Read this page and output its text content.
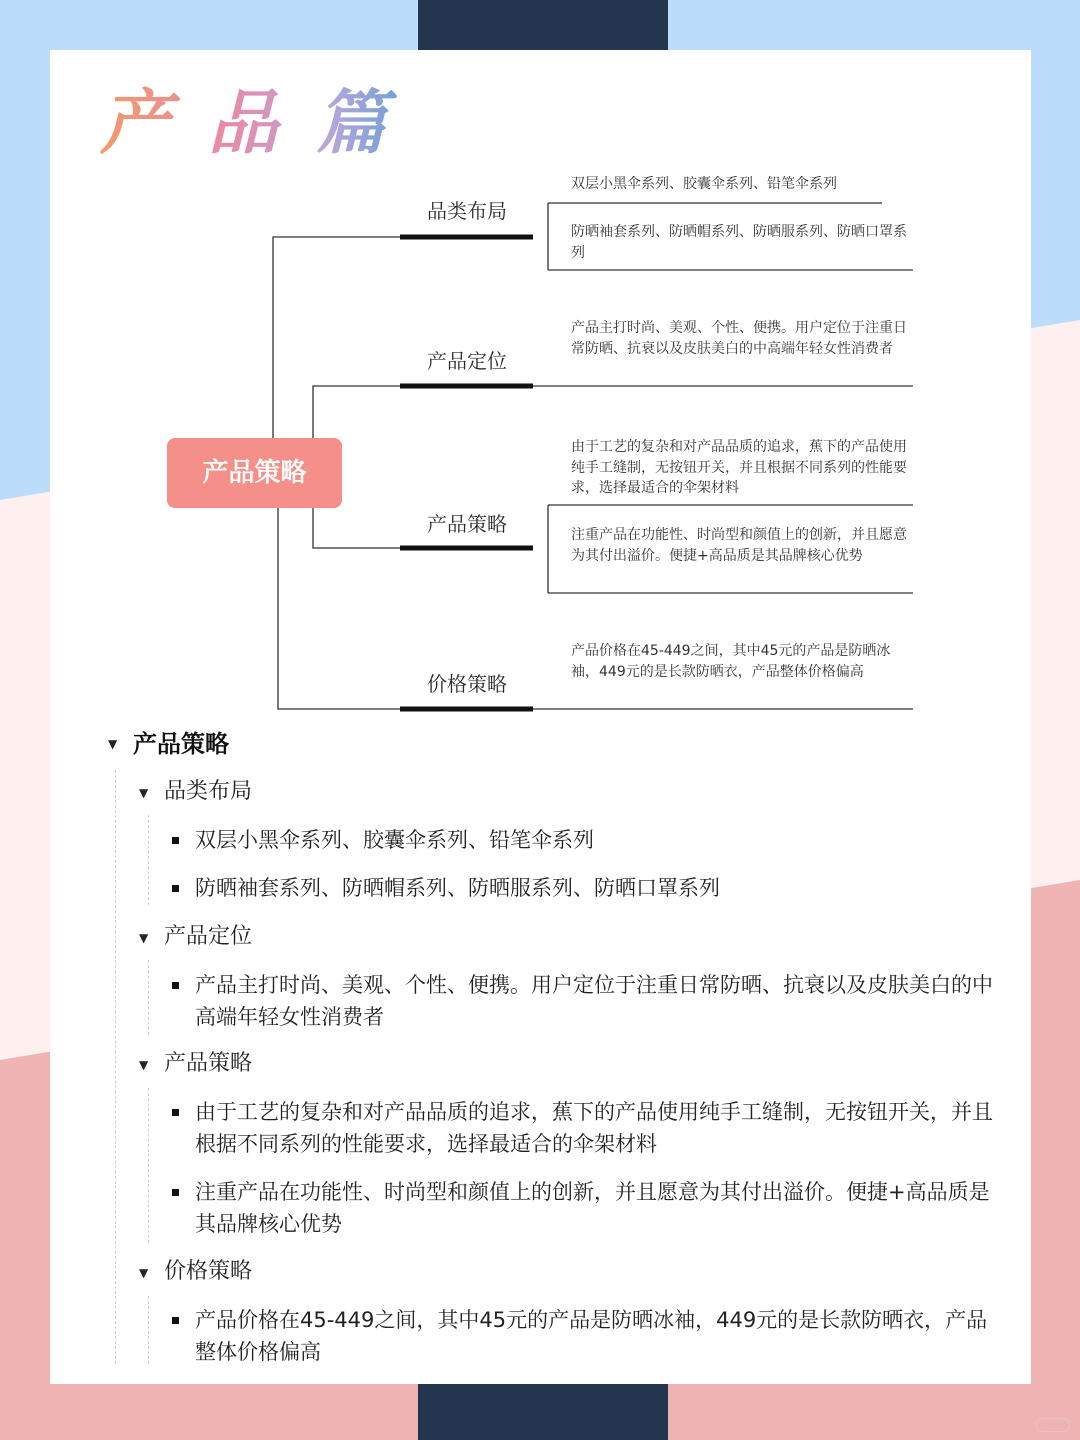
产品篇
产品策略
品类布局
产品定位
产品策略
价格策略
双层小黑伞系列、胶囊伞系列、铅笔伞系列
防晒袖套系列、防晒帽系列、防晒服系列、防晒口罩系列
产品主打时尚、美观、个性、便携。用户定位于注重日常防晒、抗衰以及皮肤美白的中高端年轻女性消费者
由于工艺的复杂和对产品品质的追求，蕉下的产品使用纯手工缝制，无按钮开关，并且根据不同系列的性能要求，选择最适合的伞架材料
注重产品在功能性、时尚型和颜值上的创新，并且愿意为其付出溢价。便捷+高品质是其品牌核心优势
产品价格在45-449之间，其中45元的产品是防晒冰袖，449元的是长款防晒衣，产品整体价格偏高
▼ 产品策略
▼ 品类布局
双层小黑伞系列、胶囊伞系列、铅笔伞系列
防晒袖套系列、防晒帽系列、防晒服系列、防晒口罩系列
▼ 产品定位
产品主打时尚、美观、个性、便携。用户定位于注重日常防晒、抗衰以及皮肤美白的中高端年轻女性消费者
▼ 产品策略
由于工艺的复杂和对产品品质的追求，蕉下的产品使用纯手工缝制，无按钮开关，并且根据不同系列的性能要求，选择最适合的伞架材料
注重产品在功能性、时尚型和颜值上的创新，并且愿意为其付出溢价。便捷+高品质是其品牌核心优势
▼ 价格策略
产品价格在45-449之间，其中45元的产品是防晒冰袖，449元的是长款防晒衣，产品整体价格偏高
